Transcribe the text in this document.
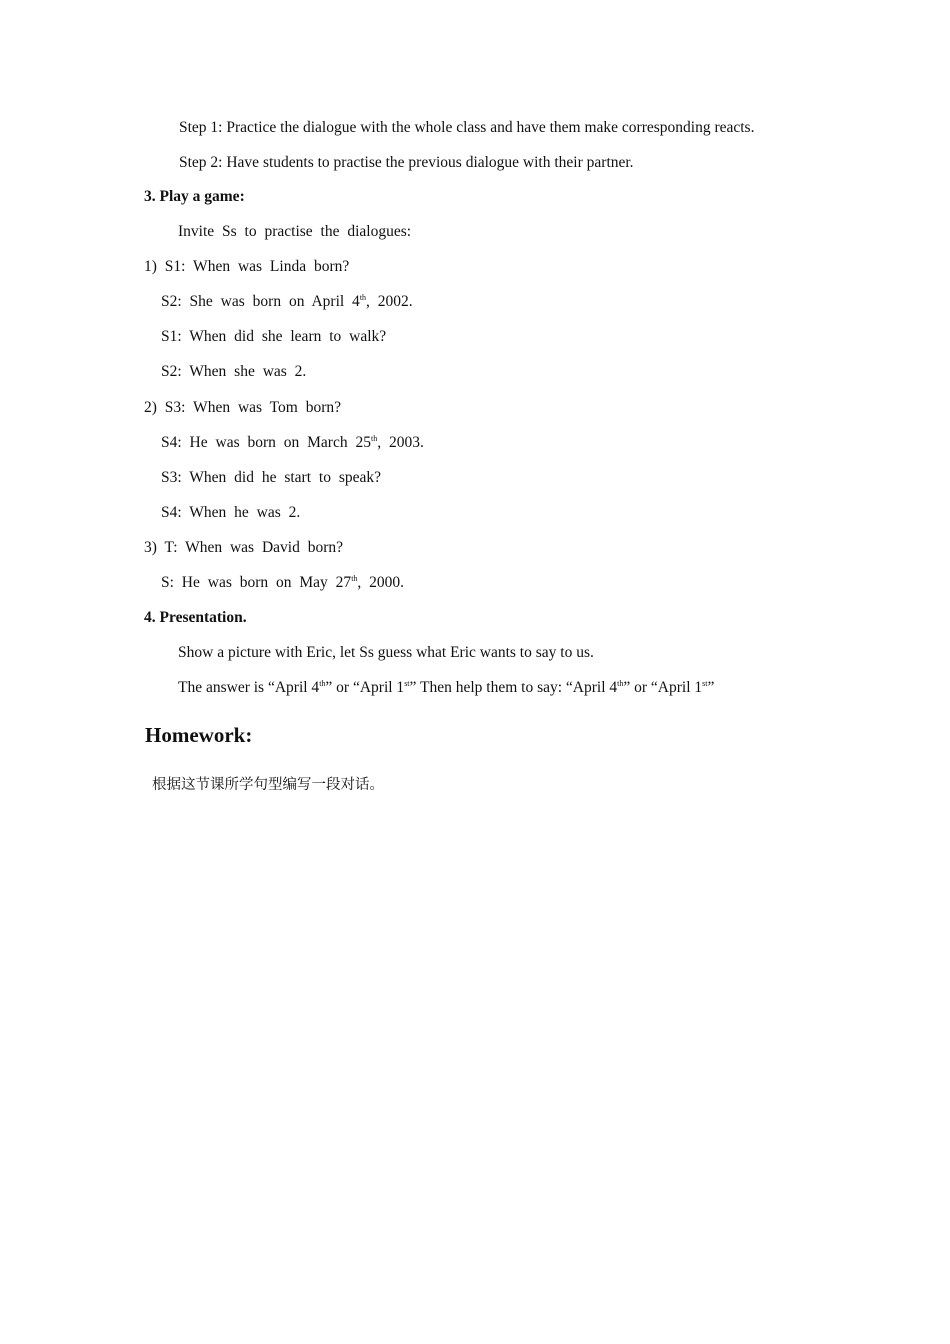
Step 1: Practice the dialogue with the whole class and have them make corresponding reacts.
Step 2: Have students to practise the previous dialogue with their partner.
3. Play a game:
Invite Ss to practise the dialogues:
1) S1: When was Linda born?
S2: She was born on April 4th, 2002.
S1: When did she learn to walk?
S2: When she was 2.
2) S3: When was Tom born?
S4: He was born on March 25th, 2003.
S3: When did he start to speak?
S4: When he was 2.
3) T: When was David born?
S: He was born on May 27th, 2000.
4. Presentation.
Show a picture with Eric, let Ss guess what Eric wants to say to us.
The answer is “April 4th” or “April 1st” Then help them to say: “April 4th” or “April 1st”
Homework:
根据这节课所学句型编写一段对话。
